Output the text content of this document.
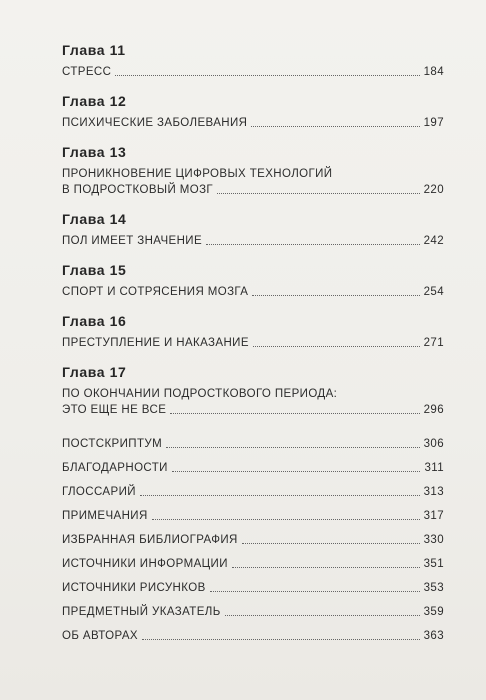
Глава 11
СТРЕСС	184
Глава 12
ПСИХИЧЕСКИЕ ЗАБОЛЕВАНИЯ	197
Глава 13
ПРОНИКНОВЕНИЕ ЦИФРОВЫХ ТЕХНОЛОГИЙ
В ПОДРОСТКОВЫЙ МОЗГ	220
Глава 14
ПОЛ ИМЕЕТ ЗНАЧЕНИЕ	242
Глава 15
СПОРТ И СОТРЯСЕНИЯ МОЗГА	254
Глава 16
ПРЕСТУПЛЕНИЕ И НАКАЗАНИЕ	271
Глава 17
ПО ОКОНЧАНИИ ПОДРОСТКОВОГО ПЕРИОДА:
ЭТО ЕЩЕ НЕ ВСЕ	296
ПОСТСКРИПТУМ	306
БЛАГОДАРНОСТИ	311
ГЛОССАРИЙ	313
ПРИМЕЧАНИЯ	317
ИЗБРАННАЯ БИБЛИОГРАФИЯ	330
ИСТОЧНИКИ ИНФОРМАЦИИ	351
ИСТОЧНИКИ РИСУНКОВ	353
ПРЕДМЕТНЫЙ УКАЗАТЕЛЬ	359
ОБ АВТОРАХ	363
